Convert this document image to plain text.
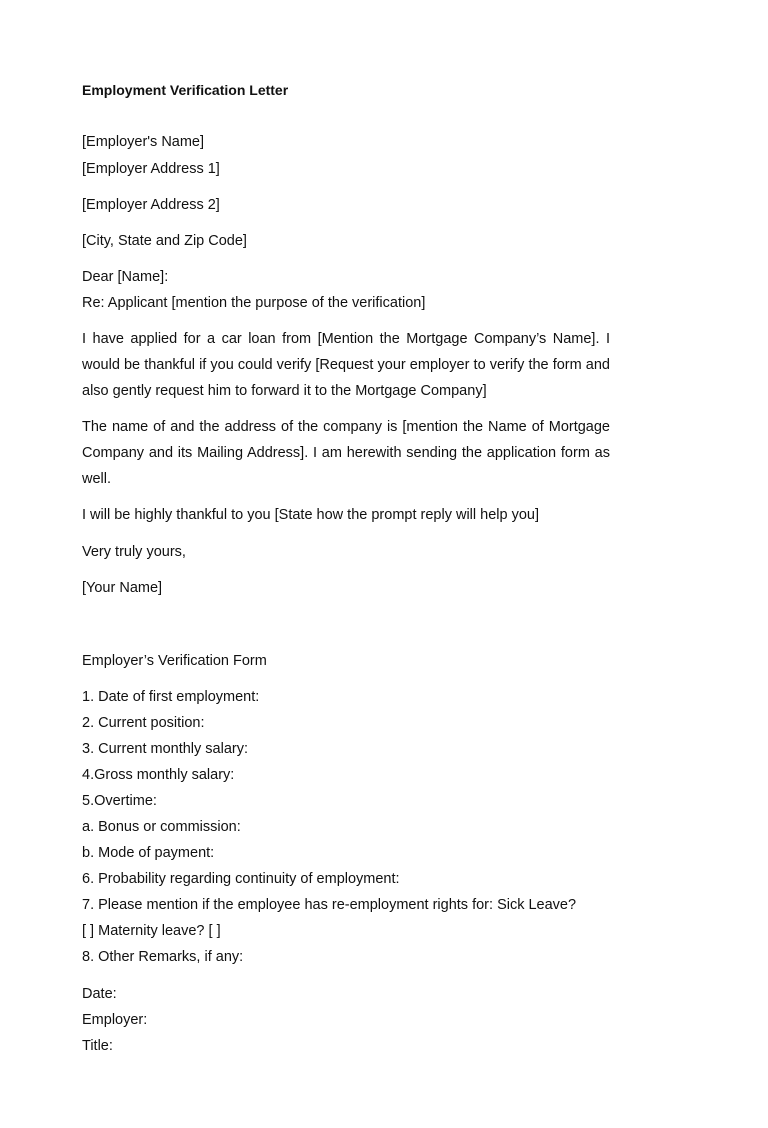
Employment Verification Letter
[Employer's Name]
[Employer Address 1]
[Employer Address 2]
[City, State and Zip Code]
Dear [Name]:
Re: Applicant [mention the purpose of the verification]
I have applied for a car loan from [Mention the Mortgage Company’s Name]. I would be thankful if you could verify [Request your employer to verify the form and also gently request him to forward it to the Mortgage Company]
The name of and the address of the company is [mention the Name of Mortgage Company and its Mailing Address]. I am herewith sending the application form as well.
I will be highly thankful to you [State how the prompt reply will help you]
Very truly yours,
[Your Name]
Employer’s Verification Form
1. Date of first employment:
2. Current position:
3. Current monthly salary:
4.Gross monthly salary:
5.Overtime:
a. Bonus or commission:
b. Mode of payment:
6. Probability regarding continuity of employment:
7. Please mention if the employee has re-employment rights for: Sick Leave?
[ ] Maternity leave? [ ]
8. Other Remarks, if any:
Date:
Employer:
Title:
